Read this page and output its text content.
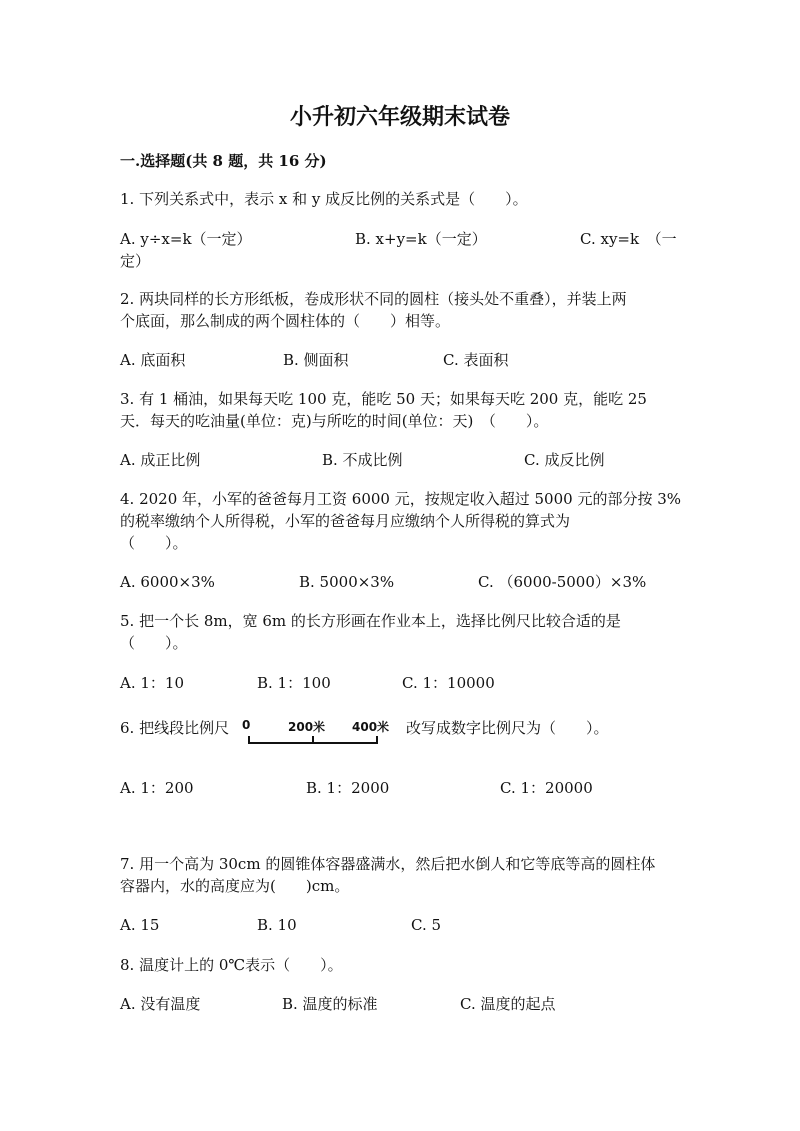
小升初六年级期末试卷
一.选择题(共 8 题，共 16 分)
1. 下列关系式中，表示 x 和 y 成反比例的关系式是（　　）。
A. y÷x=k（一定）	B. x+y=k（一定）	C. xy=k　（一
定）
2. 两块同样的长方形纸板，卷成形状不同的圆柱（接头处不重叠），并装上两
个底面，那么制成的两个圆柱体的（　　）相等。
A. 底面积	B. 侧面积	C. 表面积
3. 有 1 桶油，如果每天吃 100 克，能吃 50 天；如果每天吃 200 克，能吃 25
天．每天的吃油量(单位：克)与所吃的时间(单位：天)　（　　）。
A. 成正比例	B. 不成比例	C. 成反比例
4. 2020 年，小军的爸爸每月工资 6000 元，按规定收入超过 5000 元的部分按 3%
的税率缴纳个人所得税，小军的爸爸每月应缴纳个人所得税的算式为
（　　）。
A. 6000×3%	B. 5000×3%	C. （6000-5000）×3%
5. 把一个长 8m，宽 6m 的长方形画在作业本上，选择比例尺比较合适的是
（　　）。
A. 1：10	B. 1：100	C. 1：10000
6. 把线段比例尺 0	200米 400米 改写成数字比例尺为（　　）。
A. 1：200	B. 1：2000	C. 1：20000
7. 用一个高为 30cm 的圆锥体容器盛满水，然后把水倒人和它等底等高的圆柱体
容器内，水的高度应为(　　)cm。
A. 15	B. 10	C. 5
8. 温度计上的 0℃表示（　　）。
A. 没有温度	B. 温度的标准	C. 温度的起点
